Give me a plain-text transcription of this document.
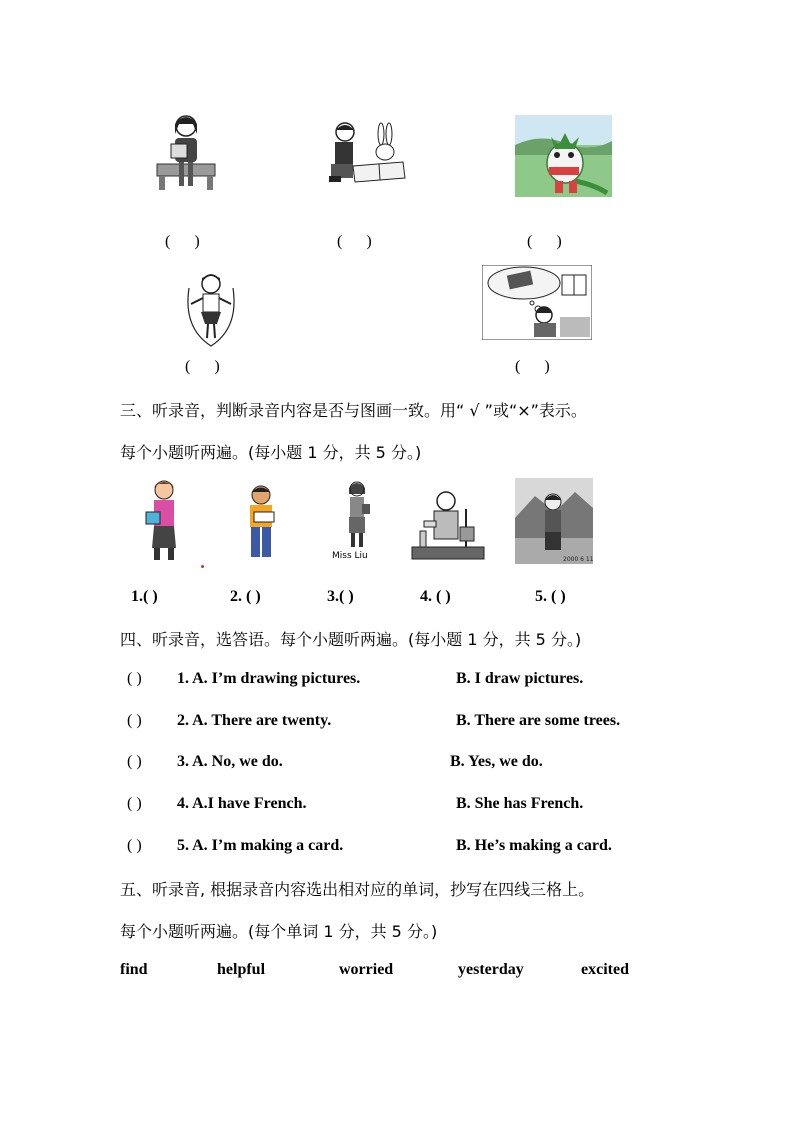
(      )	(      )	(      )
(      )	(      )
三、听录音，判断录音内容是否与图画一致。用“ √ ”或“×”表示。
每个小题听两遍。(每小题 1 分，共 5 分。)
Miss Liu	2000 6 11
1.( )	2. ( )	3.( )	4. ( )	5. ( )
四、听录音，选答语。每个小题听两遍。(每小题 1 分，共 5 分。)
( ) 1. A. I’m drawing pictures.	B. I draw pictures.
( ) 2. A. There are twenty.	B. There are some trees.
( ) 3. A. No, we do.	B. Yes, we do.
( ) 4. A.I have French.	B. She has French.
( ) 5. A. I’m making a card.	B. He’s making a card.
五、听录音, 根据录音内容选出相对应的单词，抄写在四线三格上。
每个小题听两遍。(每个单词 1 分，共 5 分。)
find	helpful	worried	yesterday	excited
